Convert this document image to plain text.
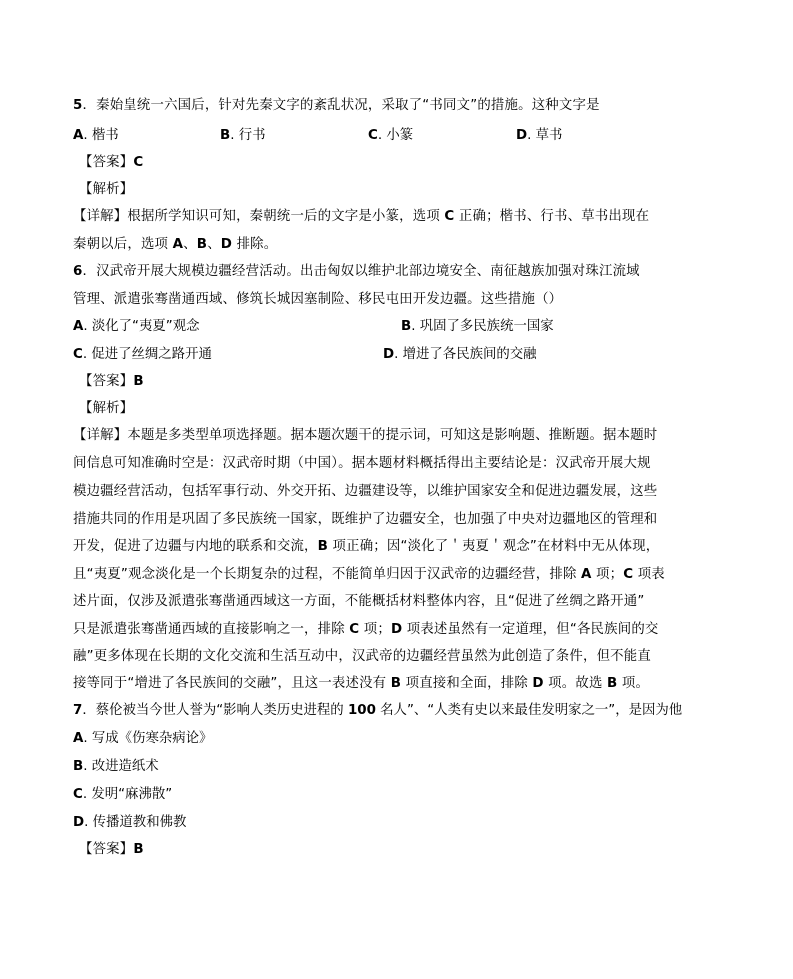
5．秦始皇统一六国后，针对先秦文字的紊乱状况，采取了“书同文”的措施。这种文字是
A. 楷书	B. 行书	C. 小篆	D. 草书
【答案】C
【解析】
【详解】根据所学知识可知，秦朝统一后的文字是小篆，选项 C 正确；楷书、行书、草书出现在
秦朝以后，选项 A、B、D 排除。
6．汉武帝开展大规模边疆经营活动。出击匈奴以维护北部边境安全、南征越族加强对珠江流域
管理、派遣张骞凿通西域、修筑长城因塞制险、移民屯田开发边疆。这些措施（）
A. 淡化了“夷夏”观念	B. 巩固了多民族统一国家
C. 促进了丝绸之路开通	D. 增进了各民族间的交融
【答案】B
【解析】
【详解】本题是多类型单项选择题。据本题次题干的提示词，可知这是影响题、推断题。据本题时
间信息可知准确时空是：汉武帝时期（中国）。据本题材料概括得出主要结论是：汉武帝开展大规
模边疆经营活动，包括军事行动、外交开拓、边疆建设等，以维护国家安全和促进边疆发展，这些
措施共同的作用是巩固了多民族统一国家，既维护了边疆安全，也加强了中央对边疆地区的管理和
开发，促进了边疆与内地的联系和交流，B 项正确；因“淡化了＇夷夏＇观念”在材料中无从体现，
且“夷夏”观念淡化是一个长期复杂的过程，不能简单归因于汉武帝的边疆经营，排除 A 项；C 项表
述片面，仅涉及派遣张骞凿通西域这一方面，不能概括材料整体内容，且“促进了丝绸之路开通”
只是派遣张骞凿通西域的直接影响之一，排除 C 项；D 项表述虽然有一定道理，但“各民族间的交
融”更多体现在长期的文化交流和生活互动中，汉武帝的边疆经营虽然为此创造了条件，但不能直
接等同于“增进了各民族间的交融”，且这一表述没有 B 项直接和全面，排除 D 项。故选 B 项。
7．蔡伦被当今世人誉为“影响人类历史进程的 100 名人”、“人类有史以来最佳发明家之一”，是因为他
A. 写成《伤寒杂病论》
B. 改进造纸术
C. 发明“麻沸散”
D. 传播道教和佛教
【答案】B
